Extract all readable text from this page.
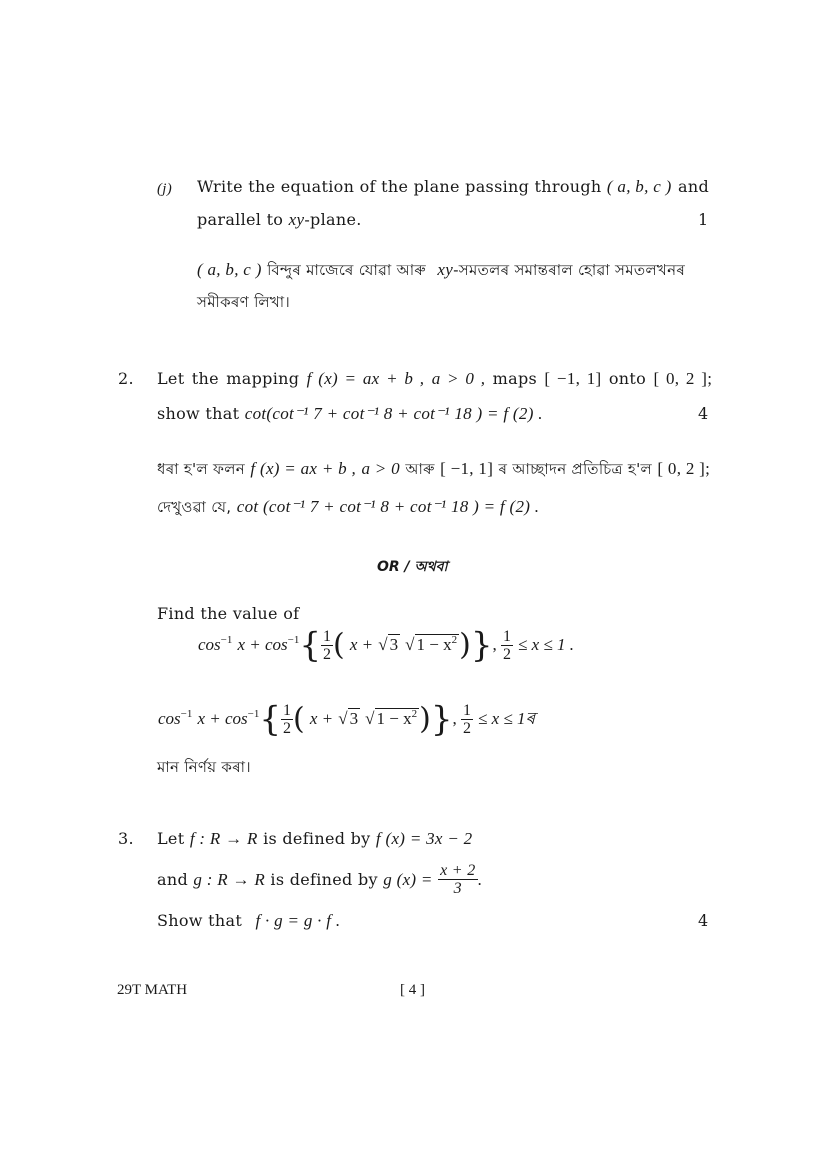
(j) Write the equation of the plane passing through ( a, b, c ) and
parallel to xy-plane.	1
( a, b, c ) বিন্দুৰ মাজেৰে যোৱা আৰু xy-সমতলৰ সমান্তৰাল হোৱা সমতলখনৰ
সমীকৰণ লিখা।
2. Let the mapping f (x) = ax + b , a > 0 , maps [ −1, 1] onto [ 0, 2 ];
show that cot(cot⁻¹ 7 + cot⁻¹ 8 + cot⁻¹ 18 ) = f (2) .	4
ধৰা হ'ল ফলন f (x) = ax + b , a > 0 আৰু [ −1, 1] ৰ আচ্ছাদন প্ৰতিচিত্ৰ হ'ল [ 0, 2 ];
দেখুওৱা যে, cot (cot⁻¹ 7 + cot⁻¹ 8 + cot⁻¹ 18 ) = f (2) .
OR / অথবা
Find the value of
$\cos^{-1} x + \cos^{-1}\{ \frac{1}{2}$ ( x + √ 3 √ $1 - x^2$)}, $\frac{1}{2} \le x \le 1$ .
$\cos^{-1} x + \cos^{-1}\{ \frac{1}{2}$ ( x + √ 3 √ $1 - x^2$)}, $\frac{1}{2} \le x$ ≤ 1ৰ
মান নিৰ্ণয় কৰা।
3. Let f : R → R is defined by f (x) = 3x − 2
and g : R → R is defined by g $(x) = \frac{x + 2}{3}$ .
Show that f · g = g · f .	4
29T MATH	[ 4 ]
